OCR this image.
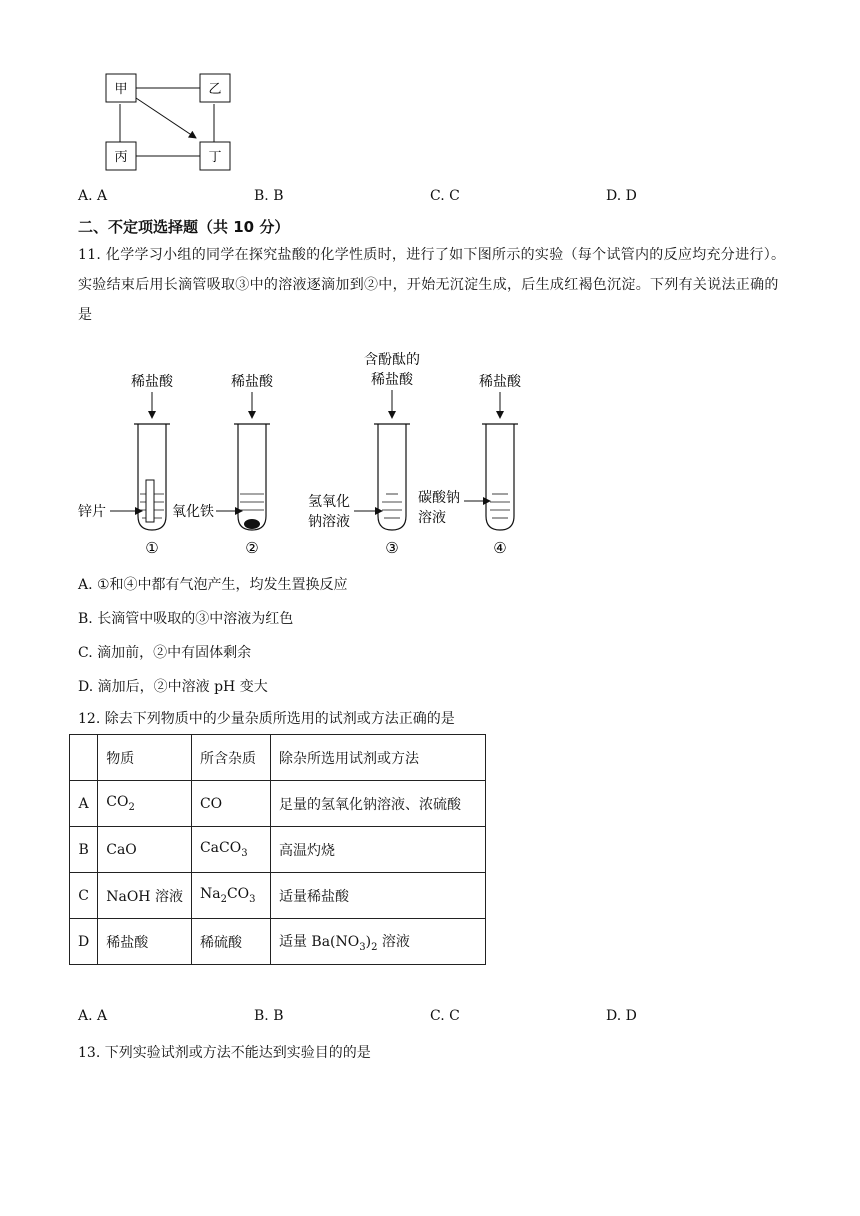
甲	乙
丙	丁
A. A	B. B	C. C	D. D
二、不定项选择题（共 10 分）
11. 化学学习小组的同学在探究盐酸的化学性质时，进行了如下图所示的实验（每个试管内的反应均充分进行）。实验结束后用长滴管吸取③中的溶液逐滴加到②中，开始无沉淀生成，后生成红褐色沉淀。下列有关说法正确的是
稀盐酸
锌片
①
稀盐酸
氧化铁
②
含酚酞的
稀盐酸
氢氧化
钠溶液
③
稀盐酸
碳酸钠
溶液
④
A. ①和④中都有气泡产生，均发生置换反应
B. 长滴管中吸取的③中溶液为红色
C. 滴加前，②中有固体剩余
D. 滴加后，②中溶液 pH 变大
12. 除去下列物质中的少量杂质所选用的试剂或方法正确的是
	物质	所含杂质	除杂所选用试剂或方法
A	$CO_2$	CO	足量的氢氧化钠溶液、浓硫酸
B	CaO	CaCO$_3$	高温灼烧
C	NaOH 溶液	$Na_2CO_3$	适量稀盐酸
D	稀盐酸	稀硫酸	适量 $Ba(NO_3)_2$ 溶液
A. A	B. B	C. C	D. D
13. 下列实验试剂或方法不能达到实验目的的是
